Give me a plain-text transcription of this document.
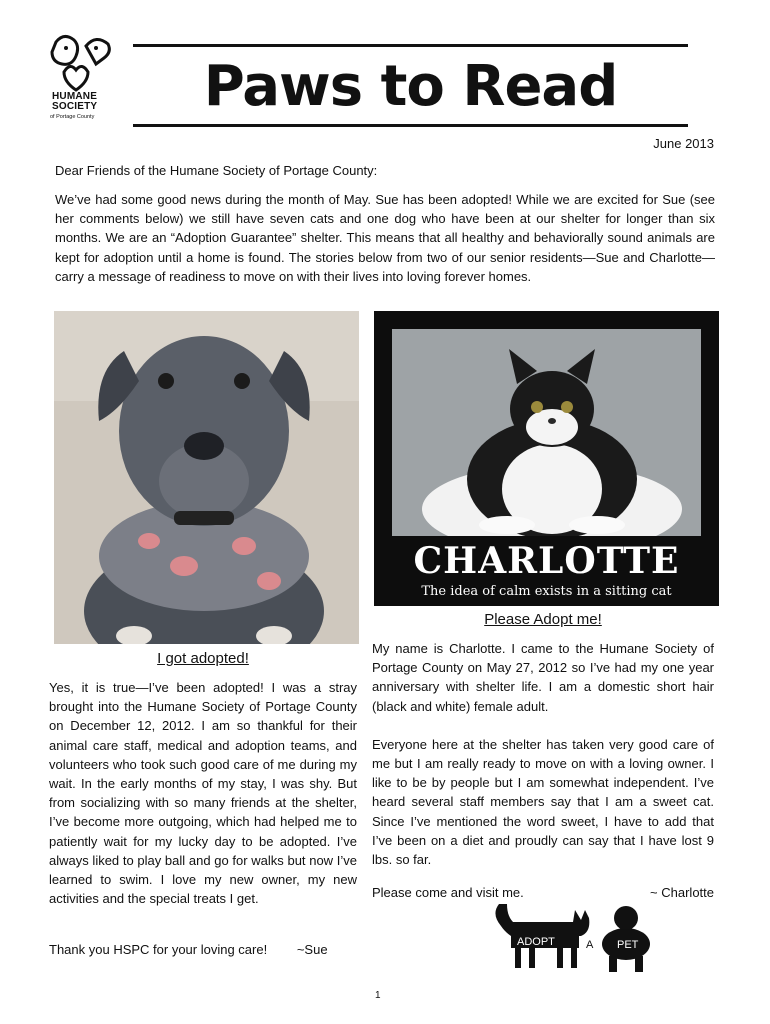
HUMANE
SOCIETY
of Portage County	Paws to Read
June 2013
Dear Friends of the Humane Society of Portage County:
We’ve had some good news during the month of May. Sue has been adopted! While we are excited for Sue (see her comments below) we still have seven cats and one dog who have been at our shelter for longer than six months. We are an “Adoption Guarantee” shelter. This means that all healthy and behaviorally sound animals are kept for adoption until a home is found. The stories below from two of our senior residents—Sue and Charlotte—carry a message of readiness to move on with their lives into loving forever homes.
CHARLOTTE
The idea of calm exists in a sitting cat
Please Adopt me!
I got adopted!
Yes, it is true—I’ve been adopted! I was a stray brought into the Humane Society of Portage County on December 12, 2012. I am so thankful for their animal care staff, medical and adoption teams, and volunteers who took such good care of me during my wait. In the early months of my stay, I was shy. But from socializing with so many friends at the shelter, I’ve become more outgoing, which had helped me to patiently wait for my lucky day to be adopted. I’ve always liked to play ball and go for walks but now I’ve learned to swim. I love my new owner, my new activities and the special treats I get.
Thank you HSPC for your loving care! ~Sue
My name is Charlotte. I came to the Humane Society of Portage County on May 27, 2012 so I’ve had my one year anniversary with shelter life. I am a domestic short hair (black and white) female adult.
Everyone here at the shelter has taken very good care of me but I am really ready to move on with a loving owner. I like to be by people but I am somewhat independent. I’ve heard several staff members say that I am a sweet cat. Since I’ve mentioned the word sweet, I have to add that I’ve been on a diet and proudly can say that I have lost 9 lbs. so far.
Please come and visit me.	~ Charlotte
ADOPT	A PET
1
